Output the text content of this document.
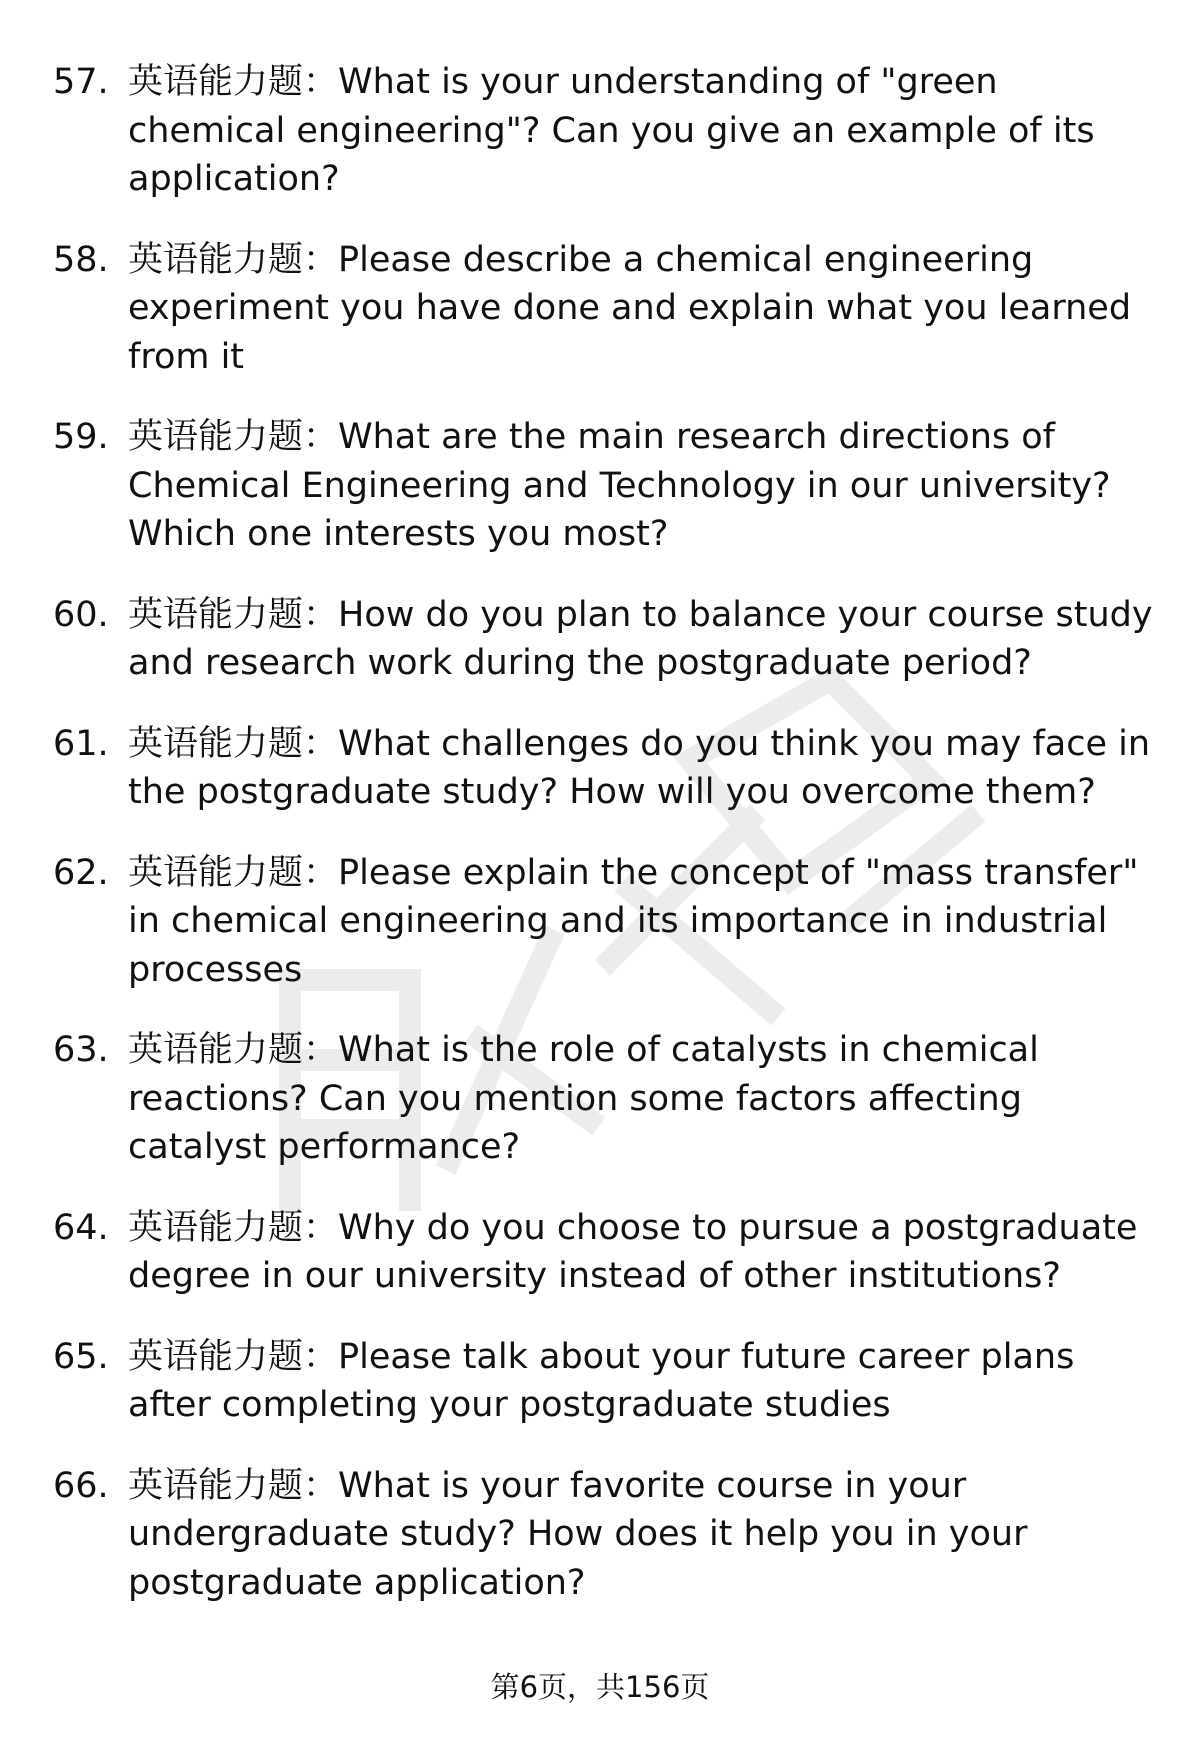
57. 英语能力题：What is your understanding of "green chemical engineering"? Can you give an example of its application?
58. 英语能力题：Please describe a chemical engineering experiment you have done and explain what you learned from it
59. 英语能力题：What are the main research directions of Chemical Engineering and Technology in our university? Which one interests you most?
60. 英语能力题：How do you plan to balance your course study and research work during the postgraduate period?
61. 英语能力题：What challenges do you think you may face in the postgraduate study? How will you overcome them?
62. 英语能力题：Please explain the concept of "mass transfer" in chemical engineering and its importance in industrial processes
63. 英语能力题：What is the role of catalysts in chemical reactions? Can you mention some factors affecting catalyst performance?
64. 英语能力题：Why do you choose to pursue a postgraduate degree in our university instead of other institutions?
65. 英语能力题：Please talk about your future career plans after completing your postgraduate studies
66. 英语能力题：What is your favorite course in your undergraduate study? How does it help you in your postgraduate application?
第6页，共156页
